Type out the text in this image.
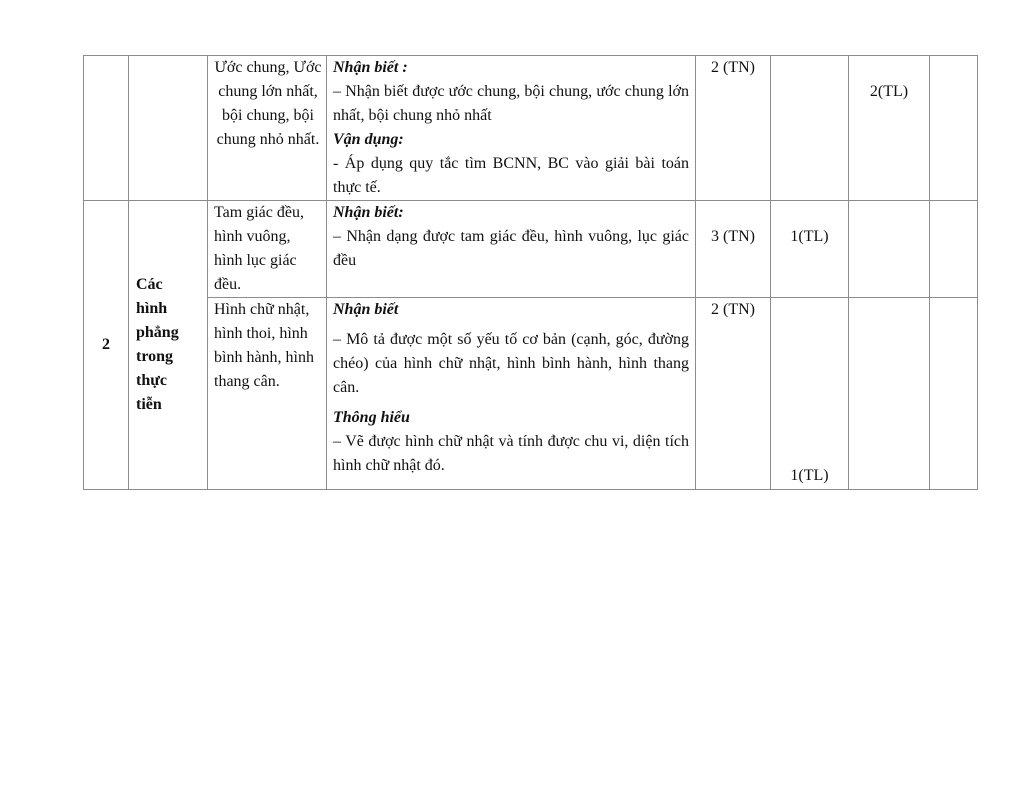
		Ước chung, Ước chung lớn nhất, bội chung, bội chung nhỏ nhất.	Nhận biết :
– Nhận biết được ước chung, bội chung, ước chung lớn nhất, bội chung nhỏ nhất
Vận dụng:
- Áp dụng quy tắc tìm BCNN, BC vào giải bài toán thực tế.	2 (TN)		2(TL)	

2	Các hình phẳng trong thực tiễn	Tam giác đều, hình vuông, hình lục giác đều.	Nhận biết:
– Nhận dạng được tam giác đều, hình vuông, lục giác đều	3 (TN)	1(TL)		

		Hình chữ nhật, hình thoi, hình bình hành, hình thang cân.	Nhận biết
– Mô tả được một số yếu tố cơ bản (cạnh, góc, đường chéo) của hình chữ nhật, hình bình hành, hình thang cân.
Thông hiểu
– Vẽ được hình chữ nhật và tính được chu vi, diện tích hình chữ nhật đó.	2 (TN)	1(TL)		
